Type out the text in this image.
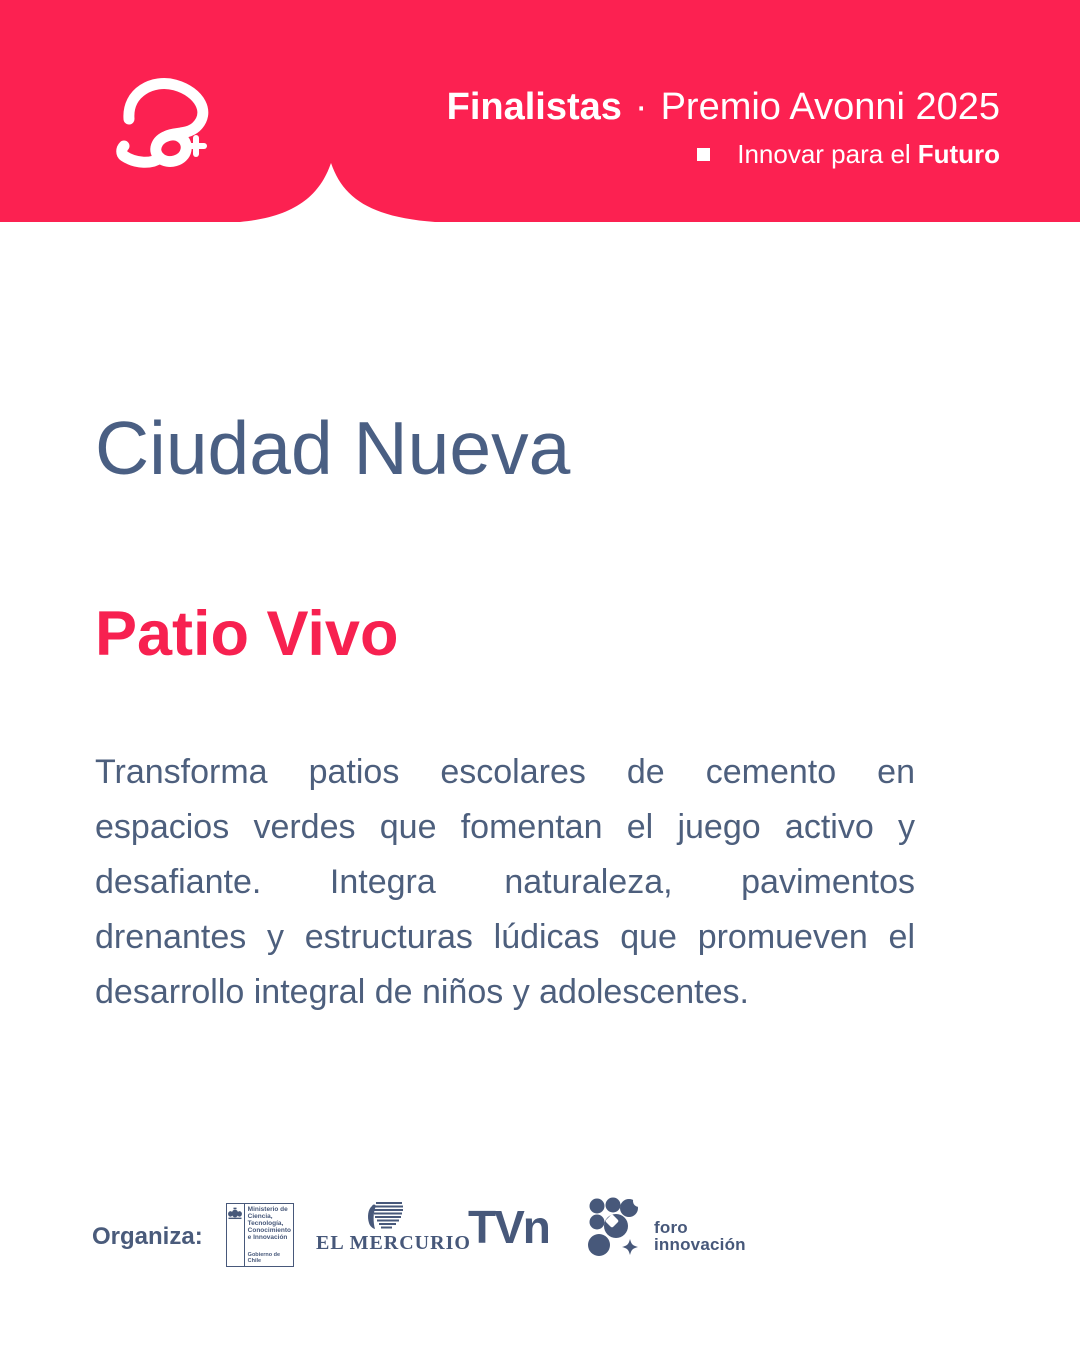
Finalistas · Premio Avonni 2025
Innovar para el Futuro
Ciudad Nueva
Patio Vivo
Transforma patios escolares de cemento en
espacios verdes que fomentan el juego activo y
desafiante. Integra naturaleza, pavimentos
drenantes y estructuras lúdicas que promueven el
desarrollo integral de niños y adolescentes.
Organiza:
Ministerio de Ciencia, Tecnología, Conocimiento e Innovación
Gobierno de Chile
EL MERCURIO
TVn	foro
innovación
